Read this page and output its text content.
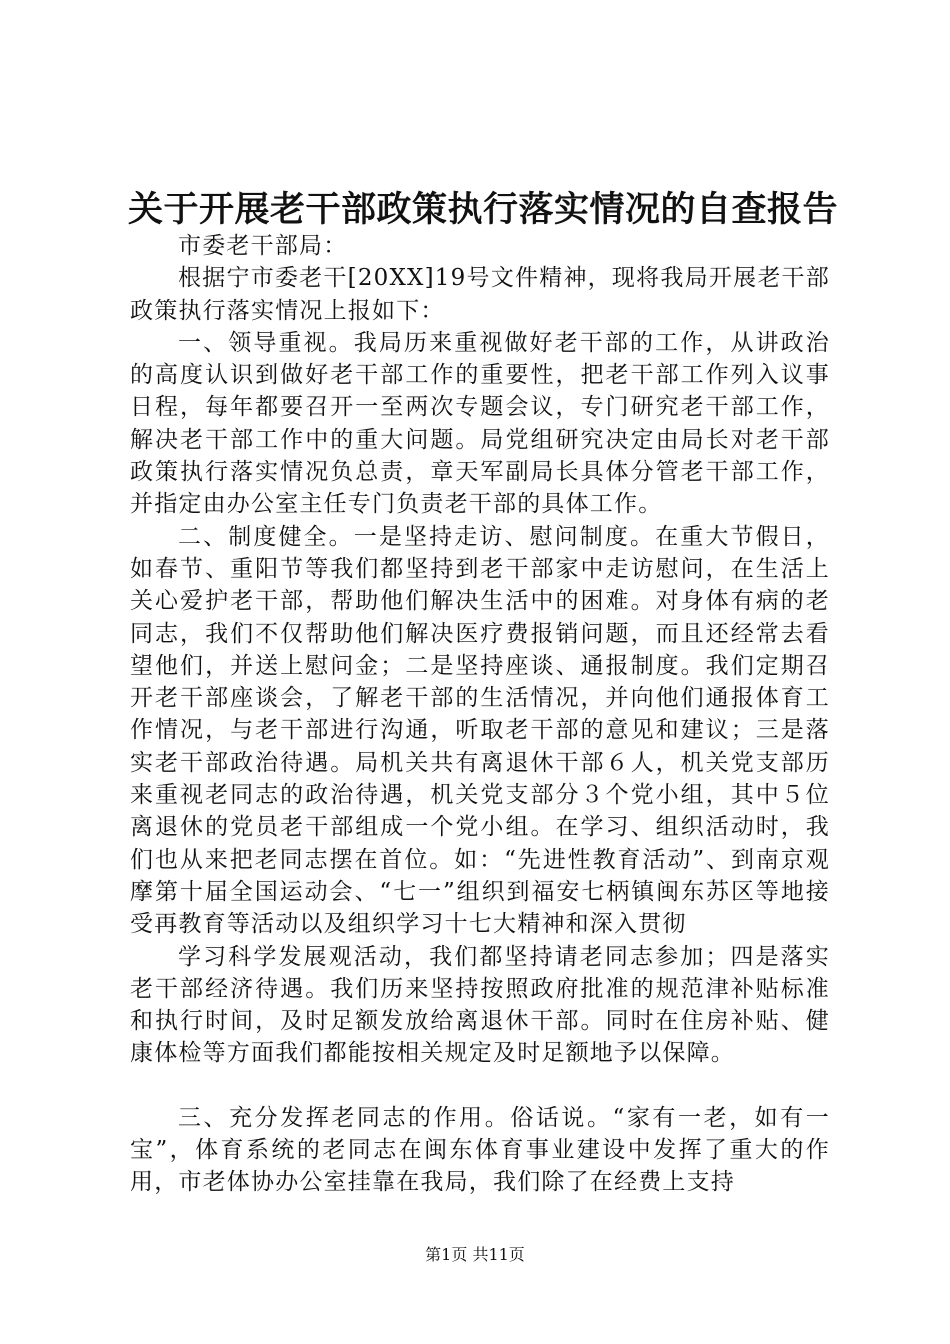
关于开展老干部政策执行落实情况的自查报告

市委老干部局：

根据宁市委老干[20XX]19号文件精神，现将我局开展老干部政策执行落实情况上报如下：

一、领导重视。我局历来重视做好老干部的工作，从讲政治的高度认识到做好老干部工作的重要性，把老干部工作列入议事日程，每年都要召开一至两次专题会议，专门研究老干部工作，解决老干部工作中的重大问题。局党组研究决定由局长对老干部政策执行落实情况负总责，章天军副局长具体分管老干部工作，并指定由办公室主任专门负责老干部的具体工作。

二、制度健全。一是坚持走访、慰问制度。在重大节假日，如春节、重阳节等我们都坚持到老干部家中走访慰问，在生活上关心爱护老干部，帮助他们解决生活中的困难。对身体有病的老同志，我们不仅帮助他们解决医疗费报销问题，而且还经常去看望他们，并送上慰问金；二是坚持座谈、通报制度。我们定期召开老干部座谈会，了解老干部的生活情况，并向他们通报体育工作情况，与老干部进行沟通，听取老干部的意见和建议；三是落实老干部政治待遇。局机关共有离退休干部６人，机关党支部历来重视老同志的政治待遇，机关党支部分３个党小组，其中５位离退休的党员老干部组成一个党小组。在学习、组织活动时，我们也从来把老同志摆在首位。如：“先进性教育活动”、到南京观摩第十届全国运动会、“七一”组织到福安七柄镇闽东苏区等地接受再教育等活动以及组织学习十七大精神和深入贯彻

学习科学发展观活动，我们都坚持请老同志参加；四是落实老干部经济待遇。我们历来坚持按照政府批准的规范津补贴标准和执行时间，及时足额发放给离退休干部。同时在住房补贴、健康体检等方面我们都能按相关规定及时足额地予以保障。

三、充分发挥老同志的作用。俗话说。“家有一老，如有一宝”，体育系统的老同志在闽东体育事业建设中发挥了重大的作用，市老体协办公室挂靠在我局，我们除了在经费上支持

第1页 共11页
